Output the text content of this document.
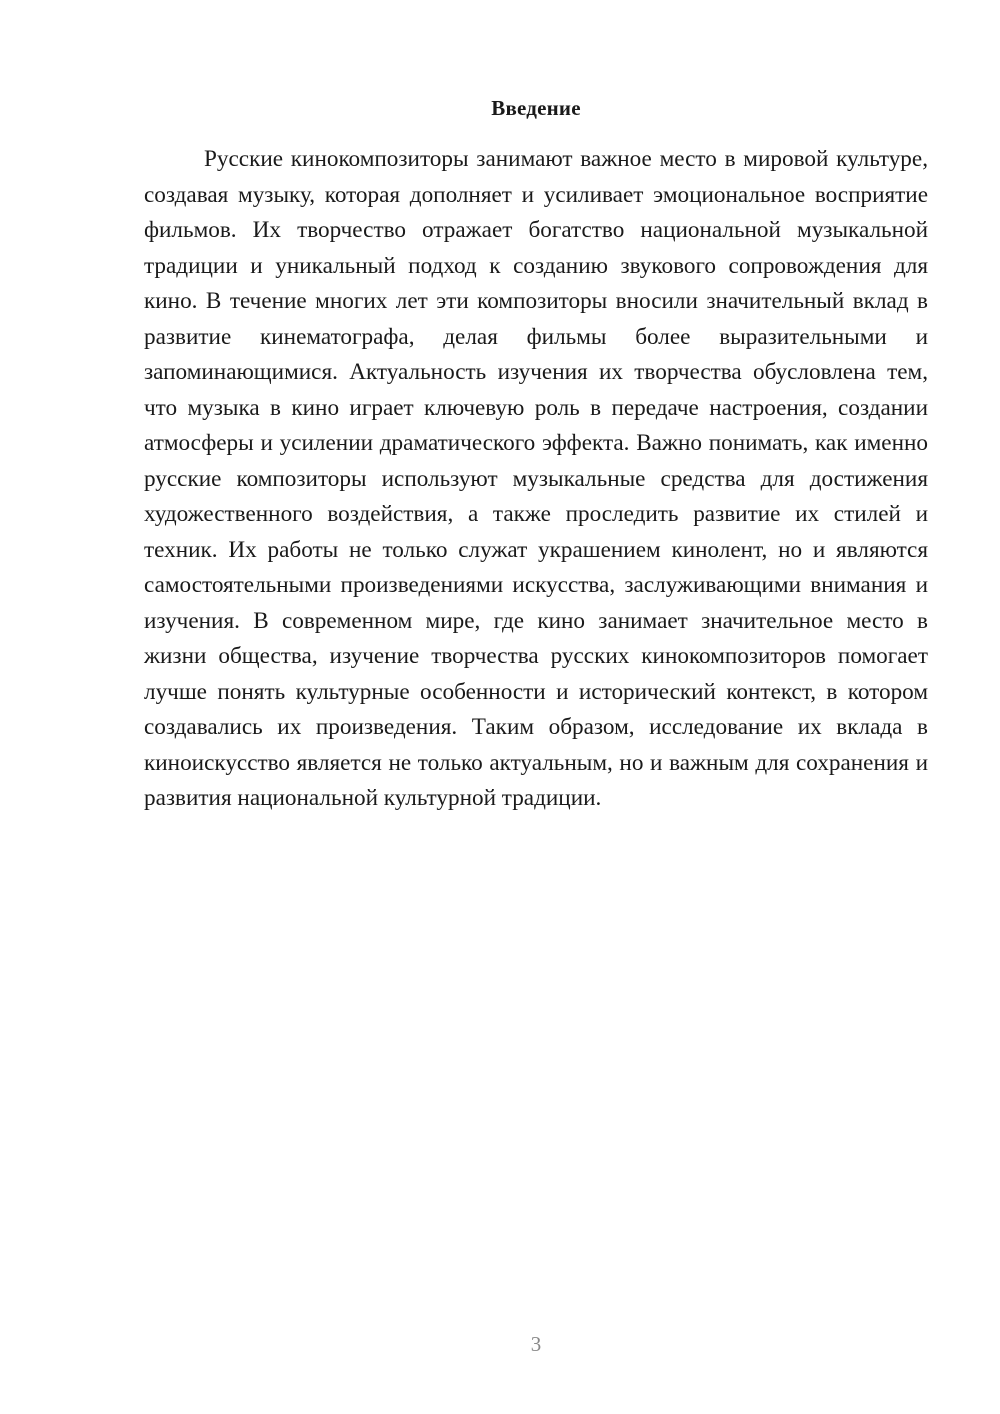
Введение

Русские кинокомпозиторы занимают важное место в мировой культуре, создавая музыку, которая дополняет и усиливает эмоциональное восприятие фильмов. Их творчество отражает богатство национальной музыкальной традиции и уникальный подход к созданию звукового сопровождения для кино. В течение многих лет эти композиторы вносили значительный вклад в развитие кинематографа, делая фильмы более выразительными и запоминающимися. Актуальность изучения их творчества обусловлена тем, что музыка в кино играет ключевую роль в передаче настроения, создании атмосферы и усилении драматического эффекта. Важно понимать, как именно русские композиторы используют музыкальные средства для достижения художественного воздействия, а также проследить развитие их стилей и техник. Их работы не только служат украшением кинолент, но и являются самостоятельными произведениями искусства, заслуживающими внимания и изучения. В современном мире, где кино занимает значительное место в жизни общества, изучение творчества русских кинокомпозиторов помогает лучше понять культурные особенности и исторический контекст, в котором создавались их произведения. Таким образом, исследование их вклада в киноискусство является не только актуальным, но и важным для сохранения и развития национальной культурной традиции.

3
